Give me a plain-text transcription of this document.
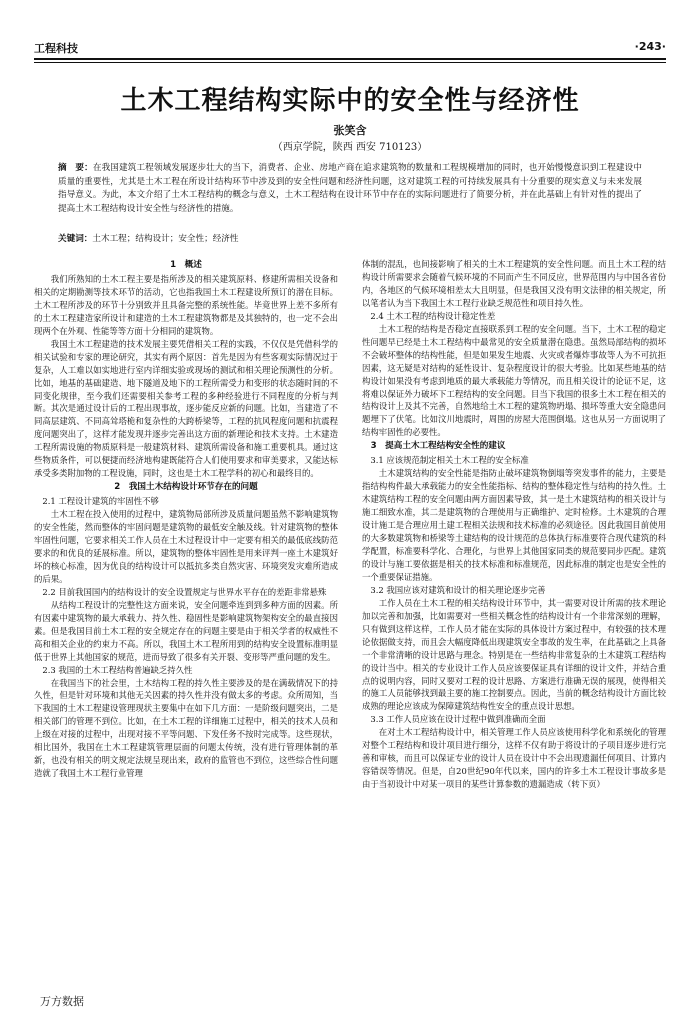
工程科技	·243·
土木工程结构实际中的安全性与经济性
张笑含
（西京学院，陕西 西安 710123）
摘　要：在我国建筑工程领域发展逐步壮大的当下，消费者、企业、房地产商在追求建筑物的数量和工程规模增加的同时，也开始慢慢意识到工程建设中质量的重要性，尤其是土木工程在所设计结构环节中涉及到的安全性问题和经济性问题，这对建筑工程的可持续发展具有十分重要的现实意义与未来发展指导意义。为此，本文介绍了土木工程结构的概念与意义，土木工程结构在设计环节中存在的实际问题进行了简要分析，并在此基础上有针对性的提出了提高土木工程结构设计安全性与经济性的措施。
关键词：土木工程；结构设计；安全性；经济性
1　概述

我们所熟知的土木工程主要是指所涉及的相关建筑原料、修建所需相关设备和相关的定期勘测等技术环节的活动，它也指我国土木工程建设所预订的潜在目标。土木工程所涉及的环节十分别致并且具备完整的系统性能。毕竟世界上差不多所有的土木工程建造家所设计和建造的土木工程建筑物都是及其独特的，也一定不会出现两个在外观、性能等等方面十分相同的建筑物。

我国土木工程建造的技术发展主要凭借相关工程的实践，不仅仅是凭借科学的相关试验和专家的理论研究，其实有两个原因：首先是因为有些客观实际情况过于复杂，人工难以如实地进行室内详细实验或现场的测试和相关理论预测性的分析。比如，地基的基础建造、地下隧道及地下的工程所需受力和变形的状态随时间的不同变化规律，至今我们还需要相关参考工程的多种经验进行不同程度的分析与判断。其次是通过设计后的工程出现事故，逐步能反应新的问题。比如，当建造了不同高层建筑、不同高耸塔桅和复杂性的大跨桥梁等，工程的抗风程度问题和抗震程度问题突出了，这样才能发现并逐步完善出这方面的新理论和技术支持。土木建造工程所需设施的物质原料是一般建筑材料、建筑所需设备和施工重要机具。通过这些物质条件，可以便捷而经济地构建既能符合人们使用要求和审美要求，又能达标承受多类附加物的工程设施，同时，这也是土木工程学科的初心和最终目的。

2　我国土木结构设计环节存在的问题
2.1 工程设计建筑的牢固性不够

土木工程在投入使用的过程中，建筑物局部所涉及质量问题虽然不影响建筑物的安全性能，然而整体的牢固问题是建筑物的最低安全触及线。针对建筑物的整体牢固性问题，它要求相关工作人员在土木过程设计中一定要有相关的最低底线防范要求的和优良的延展标准。所以，建筑物的整体牢固性是用来评判一座土木建筑好坏的核心标准，因为优良的结构设计可以抵抗多类自然灾害、环境突发灾难所造成的后果。

2.2 目前我国国内的结构设计的安全设置规定与世界水平存在的差距非常悬殊

从结构工程设计的完整性这方面来说，安全问题牵连到到多种方面的因素。所有因素中建筑物的最大承载力、持久性、稳固性是影响建筑物架构安全的最直接因素。但是我国目前土木工程的安全规定存在的问题主要是由于相关学者的权威性不高和相关企业的约束力不高。所以，我国土木工程所用到的结构安全设置标准明显低于世界上其他国家的规范，进而导致了很多有关开裂、变形等严重问题的发生。

2.3 我国的土木工程结构普遍缺乏持久性

在我国当下的社会里，土木结构工程的持久性主要涉及的是在满载情况下的持久性，但是针对环境和其他无关因素的持久性并没有做太多的考虑。众所周知，当下我国的土木工程建设管理现状主要集中在如下几方面：一是阶级问题突出，二是相关部门的管理不到位。比如，在土木工程的详细施工过程中，相关的技术人员和上级在对接的过程中，出现对接不平等问题、下发任务不按时完成等。这些现状，相比国外，我国在土木工程建筑管理层面的问题太传统，没有进行管理体制的革新，也没有相关的明文规定法规呈现出来，政府的监管也不到位，这些综合性问题造就了我国土木工程行业管理

体制的混乱，也间接影响了相关的土木工程建筑的安全性问题。而且土木工程的结构设计所需要求会随着气候环境的不同而产生不同反应，世界范围内与中国各省份内，各地区的气候环境相差太大且明显，但是我国又没有明文法律的相关规定，所以笔者认为当下我国土木工程行业缺乏规范性和项目持久性。

2.4 土木工程的结构设计稳定性差

土木工程的结构是否稳定直接联系到工程的安全问题。当下，土木工程的稳定性问题早已经是土木工程结构中最常见的安全质量潜在隐患。虽然局部结构的损坏不会破坏整体的结构性能，但是如果发生地震、火灾或者爆炸事故等人为不可抗拒因素，这无疑是对结构的延性设计、复杂程度设计的很大考验。比如某些地基的结构设计如果没有考虑到地质的最大承载能力等情况，而且相关设计的论证不足，这将难以保证外力破坏下工程结构的安全问题。目当下我国的很多土木工程在相关的结构设计上及其不完善，自然地给土木工程的建筑物坍塌、损坏等重大安全隐患问题埋下了伏笔。比如汶川地震时，周围的房屋大范围倒塌。这也从另一方面说明了结构牢固性的必要性。

3　提高土木工程结构安全性的建议
3.1 应该规范制定相关土木工程的安全标准

土木建筑结构的安全性能是指防止破坏建筑物倒塌等突发事件的能力，主要是指结构构件最大承载能力的安全性能指标、结构的整体稳定性与结构的持久性。土木建筑结构工程的安全问题由两方面因素导致，其一是土木建筑结构的相关设计与施工细致水准，其二是建筑物的合理使用与正确维护、定时检修。土木建筑的合理设计施工是合理应用土建工程相关法规和技术标准的必须途径。因此我国目前使用的大多数建筑物和桥梁等土建结构的设计规范的总体执行标准要符合现代建筑的科学配置，标准要科学化、合理化，与世界上其他国家同类的规范要同步匹配。建筑的设计与施工要依据是相关的技术标准和标准规范，因此标准的制定也是安全性的一个重要保证措施。

3.2 我国应该对建筑和设计的相关理论逐步完善

工作人员在土木工程的相关结构设计环节中，其一需要对设计所需的技术理论加以完善和加强，比如需要对一些相关概念性的结构设计有一个非常深刻的理解，只有做到这样这样，工作人员才能在实际的具体设计方案过程中，有较强的技术理论依据做支持，而且会大幅度降低出现建筑安全事故的发生率，在此基础之上具备一个非常清晰的设计思路与理念。特别是在一些结构非常复杂的土木建筑工程结构的设计当中。相关的专业设计工作人员应该要保证具有详细的设计文件，并结合重点的说明内容，同时又要对工程的设计思路、方案进行准确无误的展现，使得相关的施工人员能够找到最主要的施工控制要点。因此，当前的概念结构设计方面比较成熟的理论应该成为保障建筑结构性安全的重点设计思想。

3.3 工作人员应该在设计过程中做到准确而全面

在对土木工程结构设计中，相关管理工作人员应该使用科学化和系统化的管理对整个工程结构和设计项目进行细分，这样不仅有助于将设计的子项目逐步进行完善和审核，而且可以保证专业的设计人员在设计中不会出现遗漏任何项目、计算内容错误等情况。但是，自20世纪90年代以来，国内的许多土木工程设计事故多是由于当初设计中对某一项目的某些计算参数的遗漏造成（转下页）

万方数据
